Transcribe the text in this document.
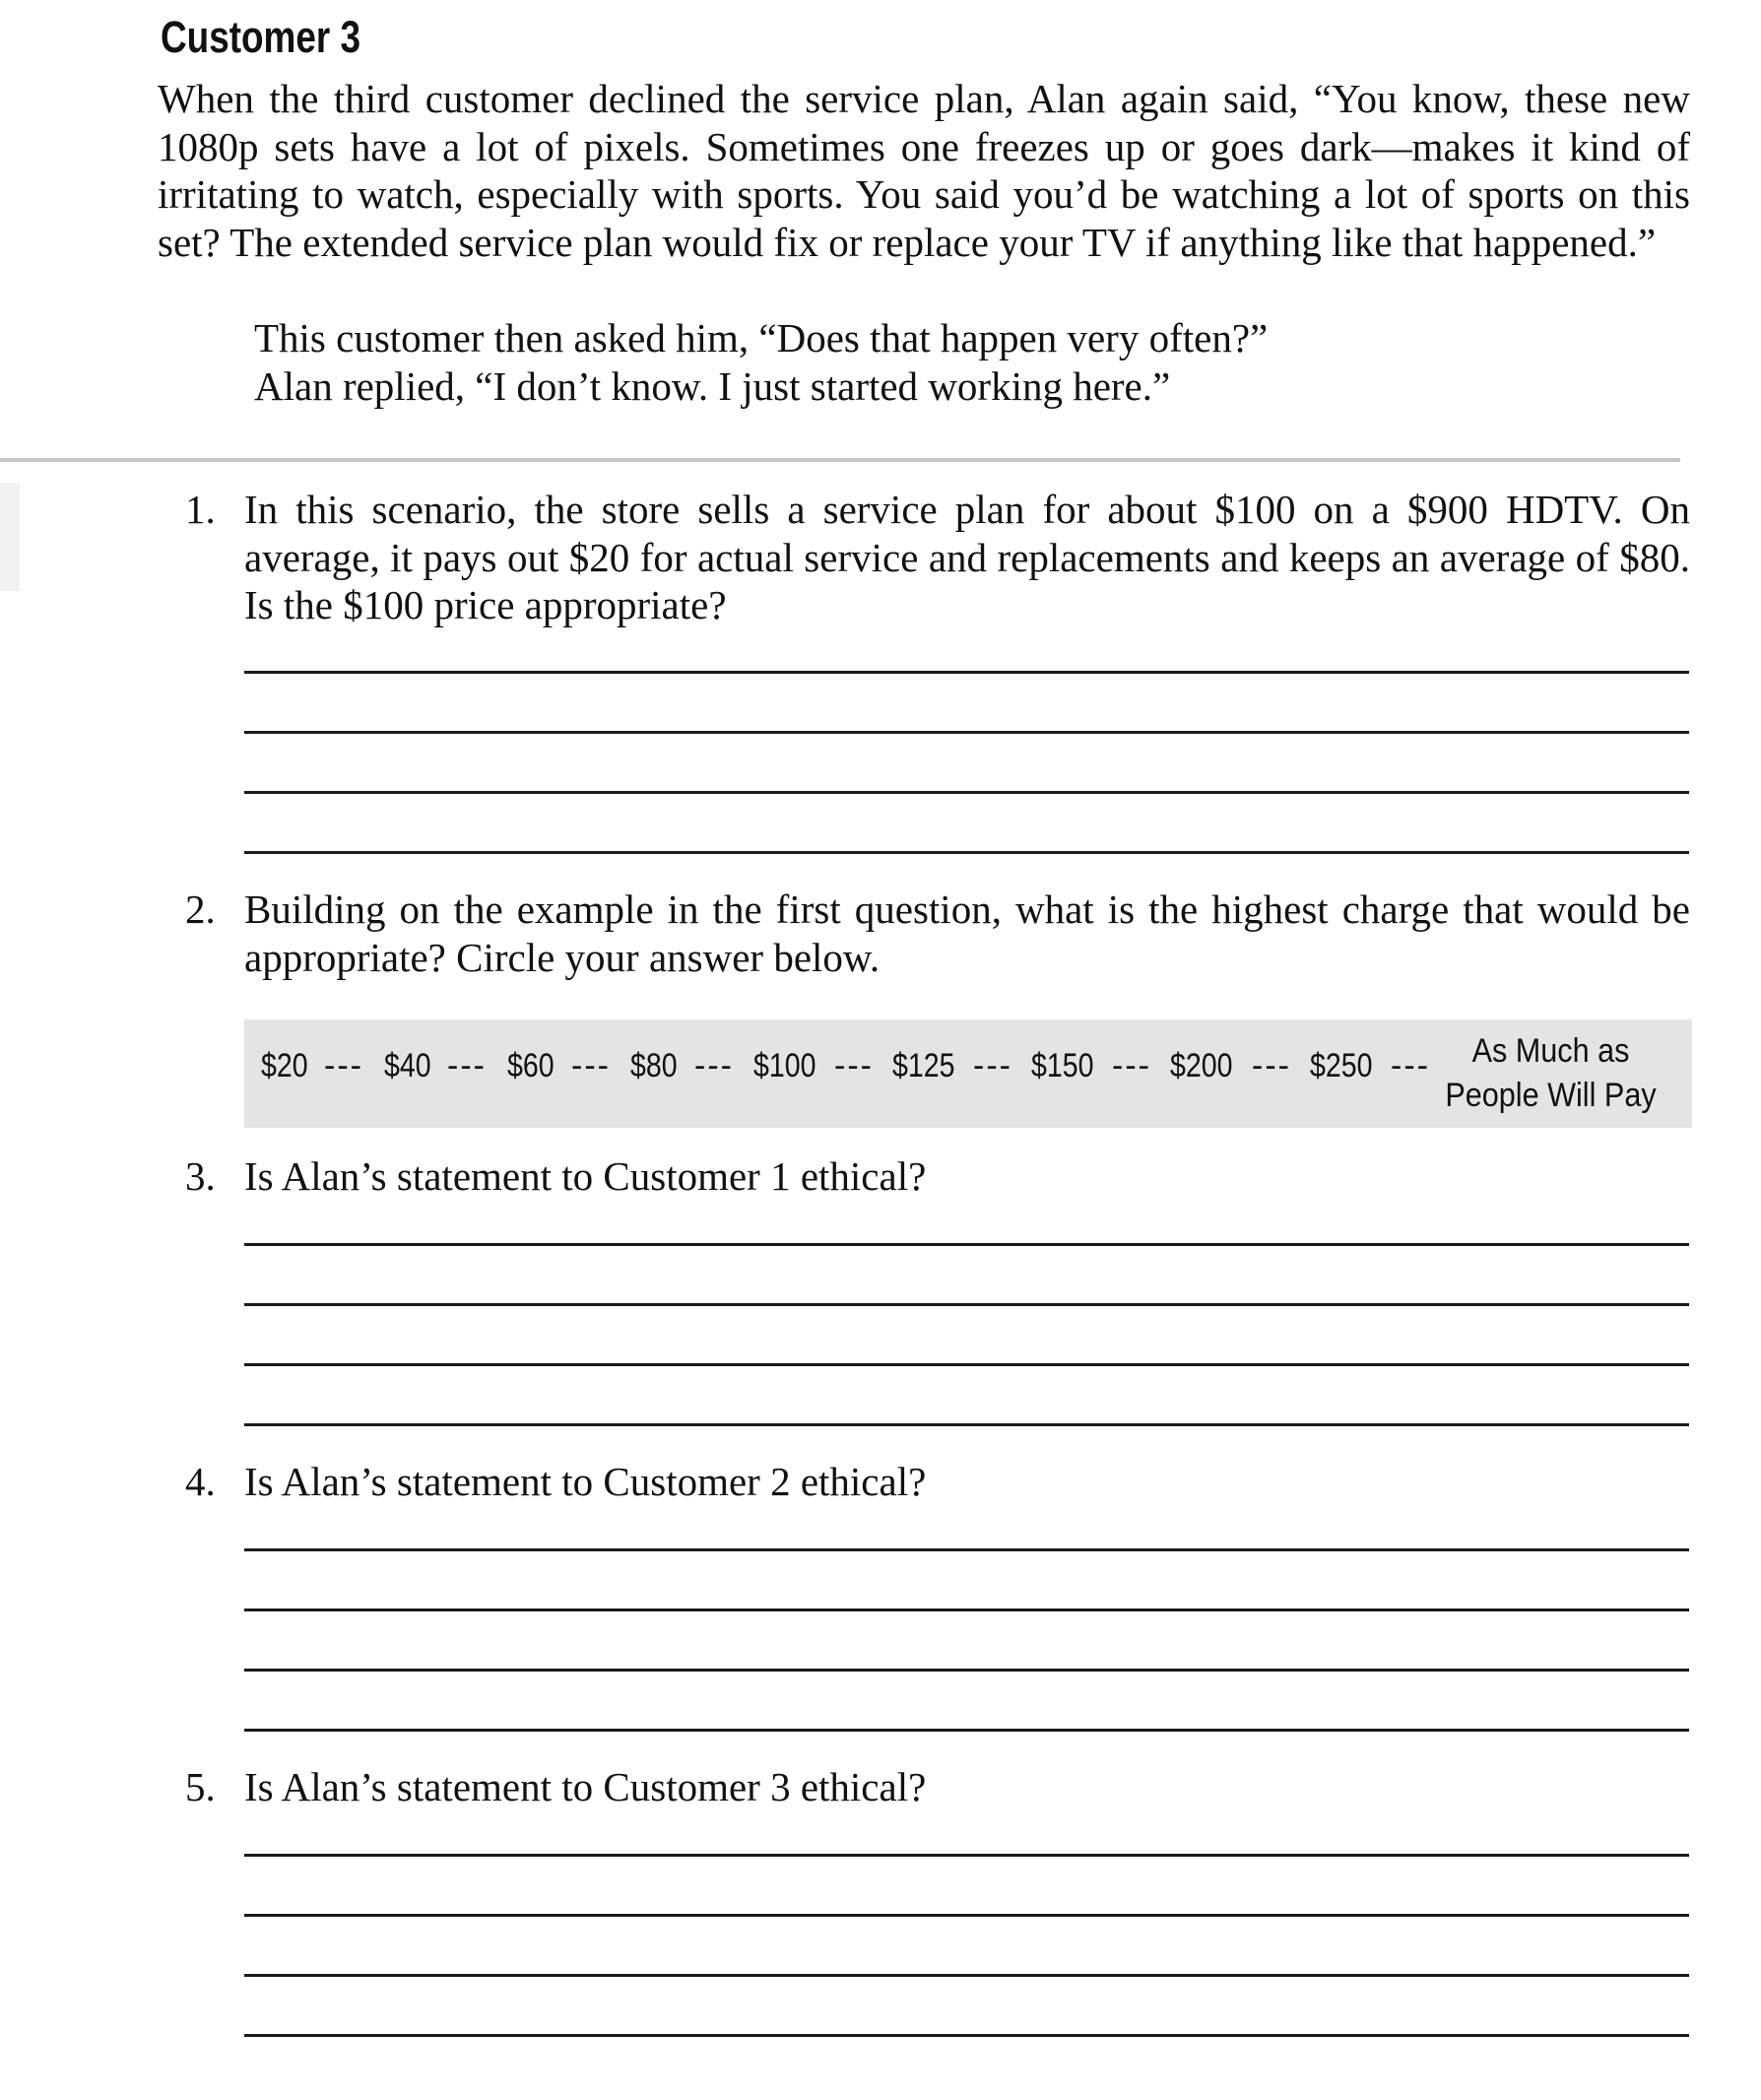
Customer 3

When the third customer declined the service plan, Alan again said, “You know, these new 1080p sets have a lot of pixels. Sometimes one freezes up or goes dark—makes it kind of irritating to watch, especially with sports. You said you’d be watching a lot of sports on this set? The extended service plan would fix or replace your TV if anything like that happened.”

This customer then asked him, “Does that happen very often?”

Alan replied, “I don’t know. I just started working here.”

1. In this scenario, the store sells a service plan for about $100 on a $900 HDTV. On average, it pays out $20 for actual service and replacements and keeps an average of $80. Is the $100 price appropriate?

2. Building on the example in the first question, what is the highest charge that would be appropriate? Circle your answer below.

$20 --- $40 --- $60 --- $80 --- $100 --- $125 --- $150 --- $200 --- $250 ---	As Much as
People Will Pay
3. Is Alan’s statement to Customer 1 ethical?

4. Is Alan’s statement to Customer 2 ethical?

5. Is Alan’s statement to Customer 3 ethical?
